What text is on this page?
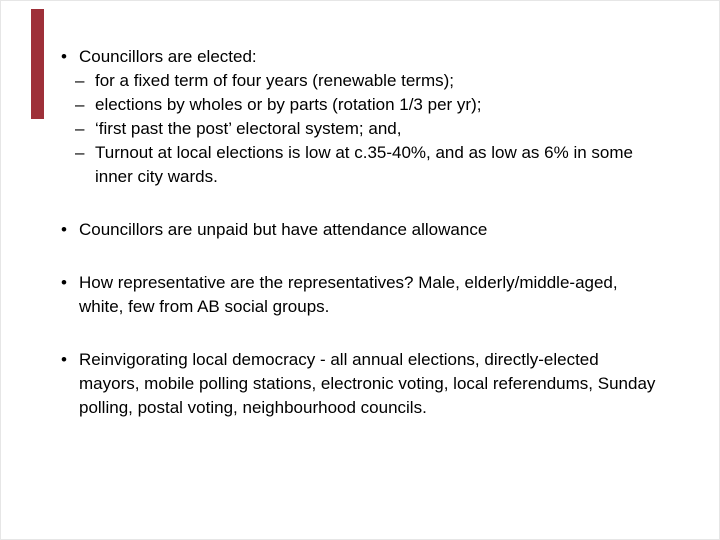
• Councillors are elected:
– for a fixed term of four years (renewable terms);
– elections by wholes or by parts (rotation 1/3 per yr);
– ‘first past the post’ electoral system; and,
– Turnout at local elections is low at c.35-40%, and as low as 6% in some inner city wards.
• Councillors are unpaid but have attendance allowance
• How representative are the representatives? Male, elderly/middle-aged, white, few from AB social groups.
• Reinvigorating local democracy - all annual elections, directly-elected mayors, mobile polling stations, electronic voting, local referendums, Sunday polling, postal voting, neighbourhood councils.
